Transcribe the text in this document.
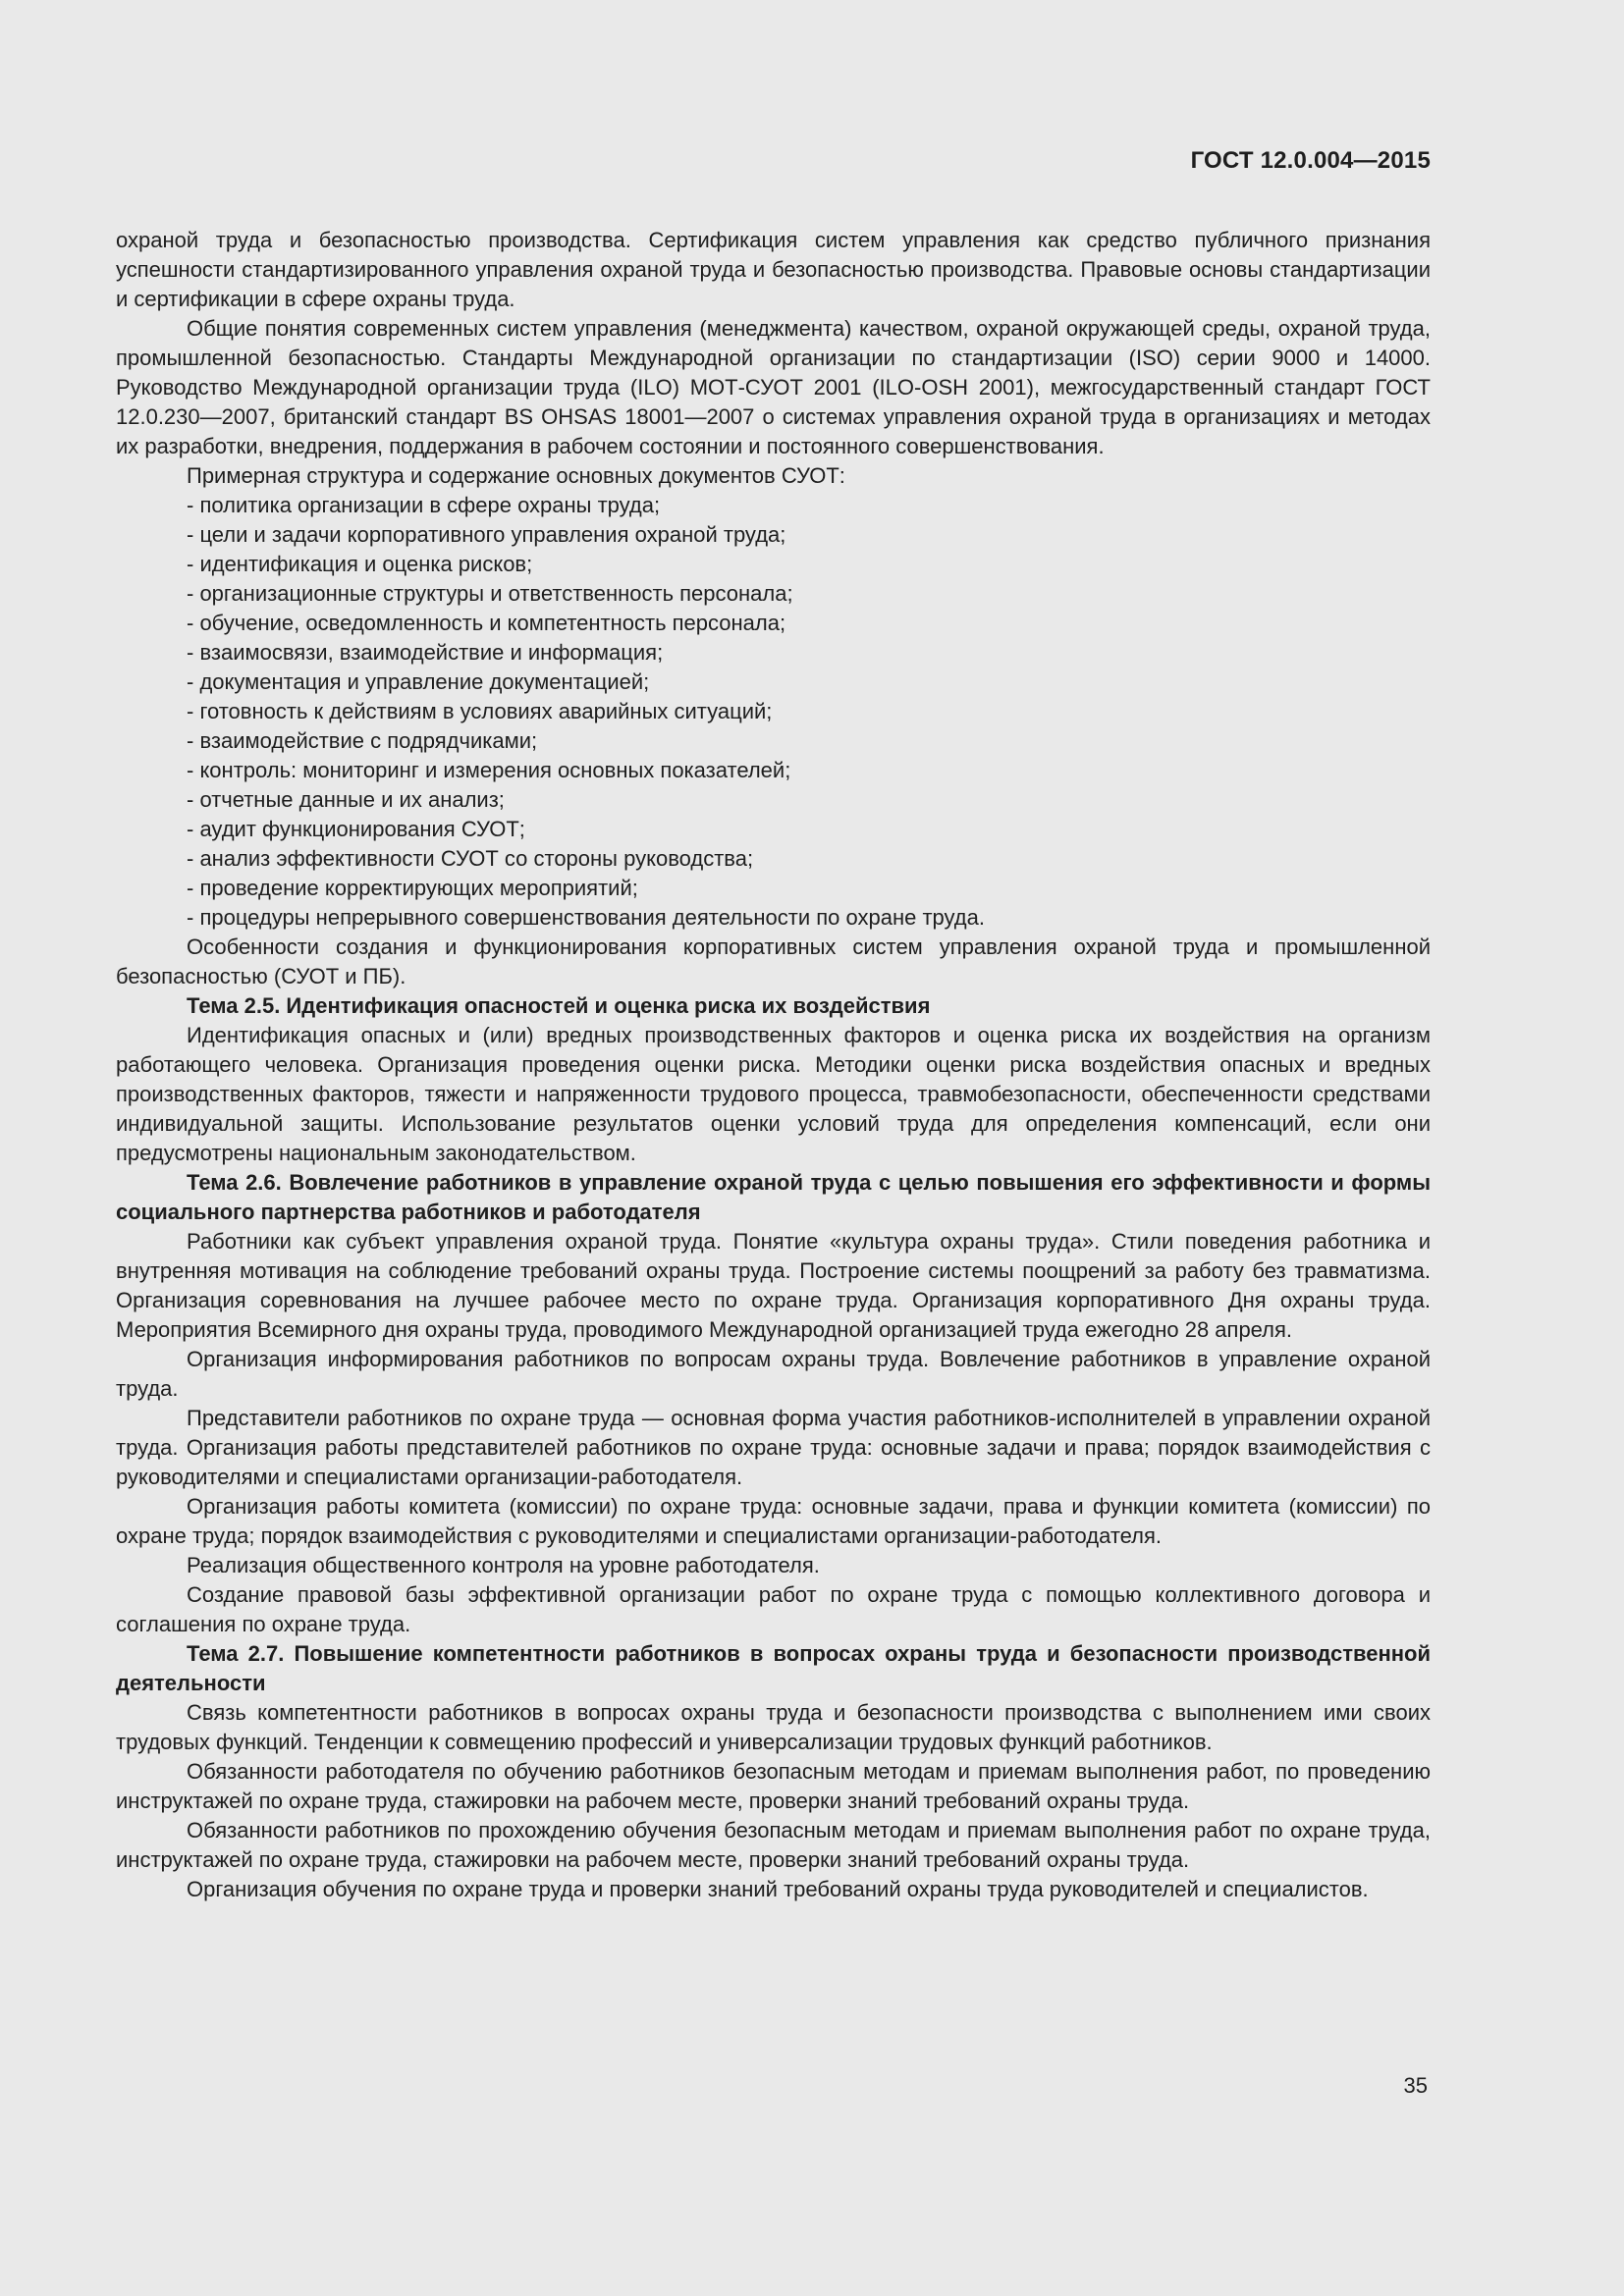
ГОСТ 12.0.004—2015

охраной труда и безопасностью производства. Сертификация систем управления как средство публичного признания успешности стандартизированного управления охраной труда и безопасностью производства. Правовые основы стандартизации и сертификации в сфере охраны труда.

Общие понятия современных систем управления (менеджмента) качеством, охраной окружающей среды, охраной труда, промышленной безопасностью. Стандарты Международной организации по стандартизации (ISO) серии 9000 и 14000. Руководство Международной организации труда (ILO) МОТ-СУОТ 2001 (ILO-OSH 2001), межгосударственный стандарт ГОСТ 12.0.230—2007, британский стандарт BS OHSAS 18001—2007 о системах управления охраной труда в организациях и методах их разработки, внедрения, поддержания в рабочем состоянии и постоянного совершенствования.

Примерная структура и содержание основных документов СУОТ:

- политика организации в сфере охраны труда;
- цели и задачи корпоративного управления охраной труда;
- идентификация и оценка рисков;
- организационные структуры и ответственность персонала;
- обучение, осведомленность и компетентность персонала;
- взаимосвязи, взаимодействие и информация;
- документация и управление документацией;
- готовность к действиям в условиях аварийных ситуаций;
- взаимодействие с подрядчиками;
- контроль: мониторинг и измерения основных показателей;
- отчетные данные и их анализ;
- аудит функционирования СУОТ;
- анализ эффективности СУОТ со стороны руководства;
- проведение корректирующих мероприятий;
- процедуры непрерывного совершенствования деятельности по охране труда.

Особенности создания и функционирования корпоративных систем управления охраной труда и промышленной безопасностью (СУОТ и ПБ).

Тема 2.5. Идентификация опасностей и оценка риска их воздействия

Идентификация опасных и (или) вредных производственных факторов и оценка риска их воздействия на организм работающего человека. Организация проведения оценки риска. Методики оценки риска воздействия опасных и вредных производственных факторов, тяжести и напряженности трудового процесса, травмобезопасности, обеспеченности средствами индивидуальной защиты. Использование результатов оценки условий труда для определения компенсаций, если они предусмотрены национальным законодательством.

Тема 2.6. Вовлечение работников в управление охраной труда с целью повышения его эффективности и формы социального партнерства работников и работодателя

Работники как субъект управления охраной труда. Понятие «культура охраны труда». Стили поведения работника и внутренняя мотивация на соблюдение требований охраны труда. Построение системы поощрений за работу без травматизма. Организация соревнования на лучшее рабочее место по охране труда. Организация корпоративного Дня охраны труда. Мероприятия Всемирного дня охраны труда, проводимого Международной организацией труда ежегодно 28 апреля.

Организация информирования работников по вопросам охраны труда. Вовлечение работников в управление охраной труда.

Представители работников по охране труда — основная форма участия работников-исполнителей в управлении охраной труда. Организация работы представителей работников по охране труда: основные задачи и права; порядок взаимодействия с руководителями и специалистами организации-работодателя.

Организация работы комитета (комиссии) по охране труда: основные задачи, права и функции комитета (комиссии) по охране труда; порядок взаимодействия с руководителями и специалистами организации-работодателя.

Реализация общественного контроля на уровне работодателя.

Создание правовой базы эффективной организации работ по охране труда с помощью коллективного договора и соглашения по охране труда.

Тема 2.7. Повышение компетентности работников в вопросах охраны труда и безопасности производственной деятельности

Связь компетентности работников в вопросах охраны труда и безопасности производства с выполнением ими своих трудовых функций. Тенденции к совмещению профессий и универсализации трудовых функций работников.

Обязанности работодателя по обучению работников безопасным методам и приемам выполнения работ, по проведению инструктажей по охране труда, стажировки на рабочем месте, проверки знаний требований охраны труда.

Обязанности работников по прохождению обучения безопасным методам и приемам выполнения работ по охране труда, инструктажей по охране труда, стажировки на рабочем месте, проверки знаний требований охраны труда.

Организация обучения по охране труда и проверки знаний требований охраны труда руководителей и специалистов.

35
